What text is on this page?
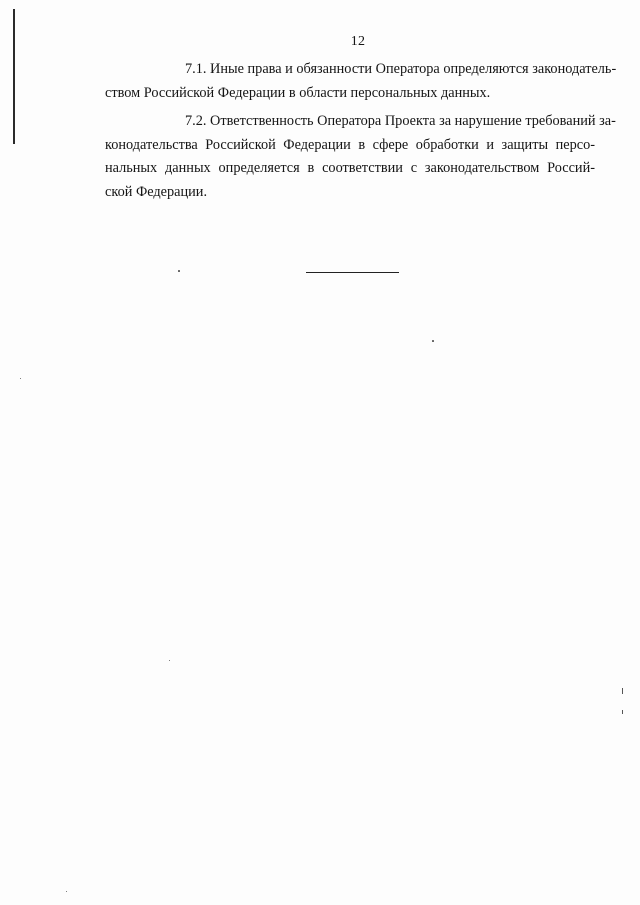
12

7.1. Иные права и обязанности Оператора определяются законодатель-
ством Российской Федерации в области персональных данных.

7.2. Ответственность Оператора Проекта за нарушение требований за-
конодательства Российской Федерации в сфере обработки и защиты персо-
нальных данных определяется в соответствии с законодательством Россий-
ской Федерации.
